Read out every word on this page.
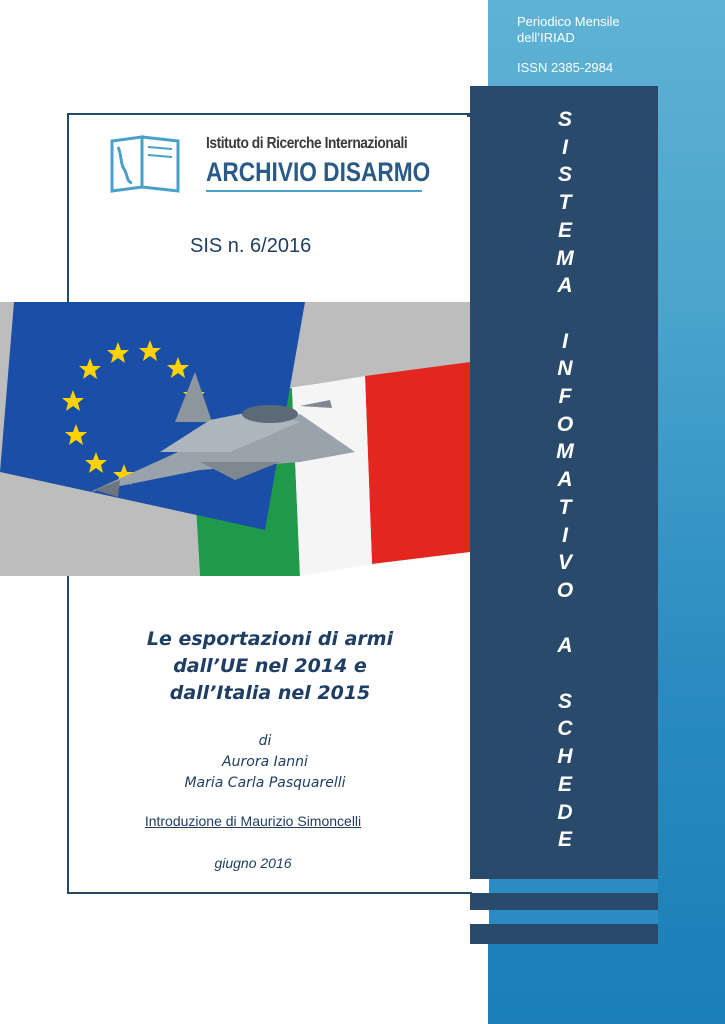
Periodico Mensile dell’IRIAD
ISSN 2385-2984
S
I
S
T
E
M
A

I
N
F
O
M
A
T
I
V
O

A

S
C
H
E
D
E
Istituto di Ricerche Internazionali
ARCHIVIO DISARMO
SIS n. 6/2016
Le esportazioni di armi
dall’UE nel 2014 e
dall’Italia nel 2015
di
Aurora Ianni
Maria Carla Pasquarelli
Introduzione di Maurizio Simoncelli
giugno 2016
